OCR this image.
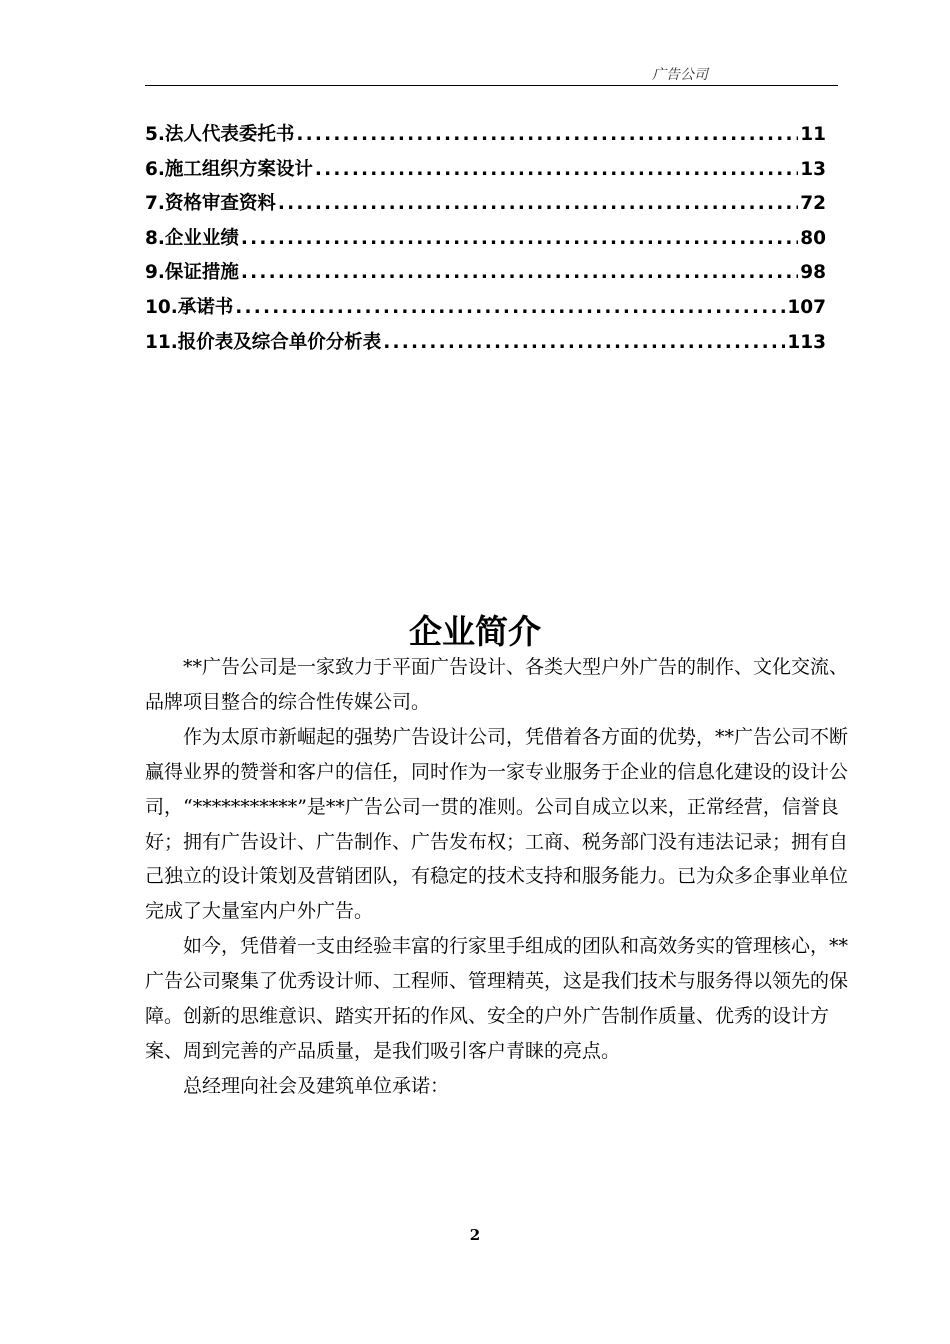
广告公司
5.法人代表委托书 .....	11
6.施工组织方案设计 .....	13
7.资格审查资料 .....	72
8.企业业绩 .....	80
9.保证措施 .....	98
10.承诺书 .....	107
11.报价表及综合单价分析表 .....	113
企业简介

**广告公司是一家致力于平面广告设计、各类大型户外广告的制作、文化交流、品牌项目整合的综合性传媒公司。

作为太原市新崛起的强势广告设计公司，凭借着各方面的优势，**广告公司不断赢得业界的赞誉和客户的信任，同时作为一家专业服务于企业的信息化建设的设计公司，“***********”是**广告公司一贯的准则。公司自成立以来，正常经营，信誉良好；拥有广告设计、广告制作、广告发布权；工商、税务部门没有违法记录；拥有自己独立的设计策划及营销团队，有稳定的技术支持和服务能力。已为众多企事业单位完成了大量室内户外广告。

如今，凭借着一支由经验丰富的行家里手组成的团队和高效务实的管理核心，**广告公司聚集了优秀设计师、工程师、管理精英，这是我们技术与服务得以领先的保障。创新的思维意识、踏实开拓的作风、安全的户外广告制作质量、优秀的设计方案、周到完善的产品质量，是我们吸引客户青睐的亮点。

总经理向社会及建筑单位承诺：

2
